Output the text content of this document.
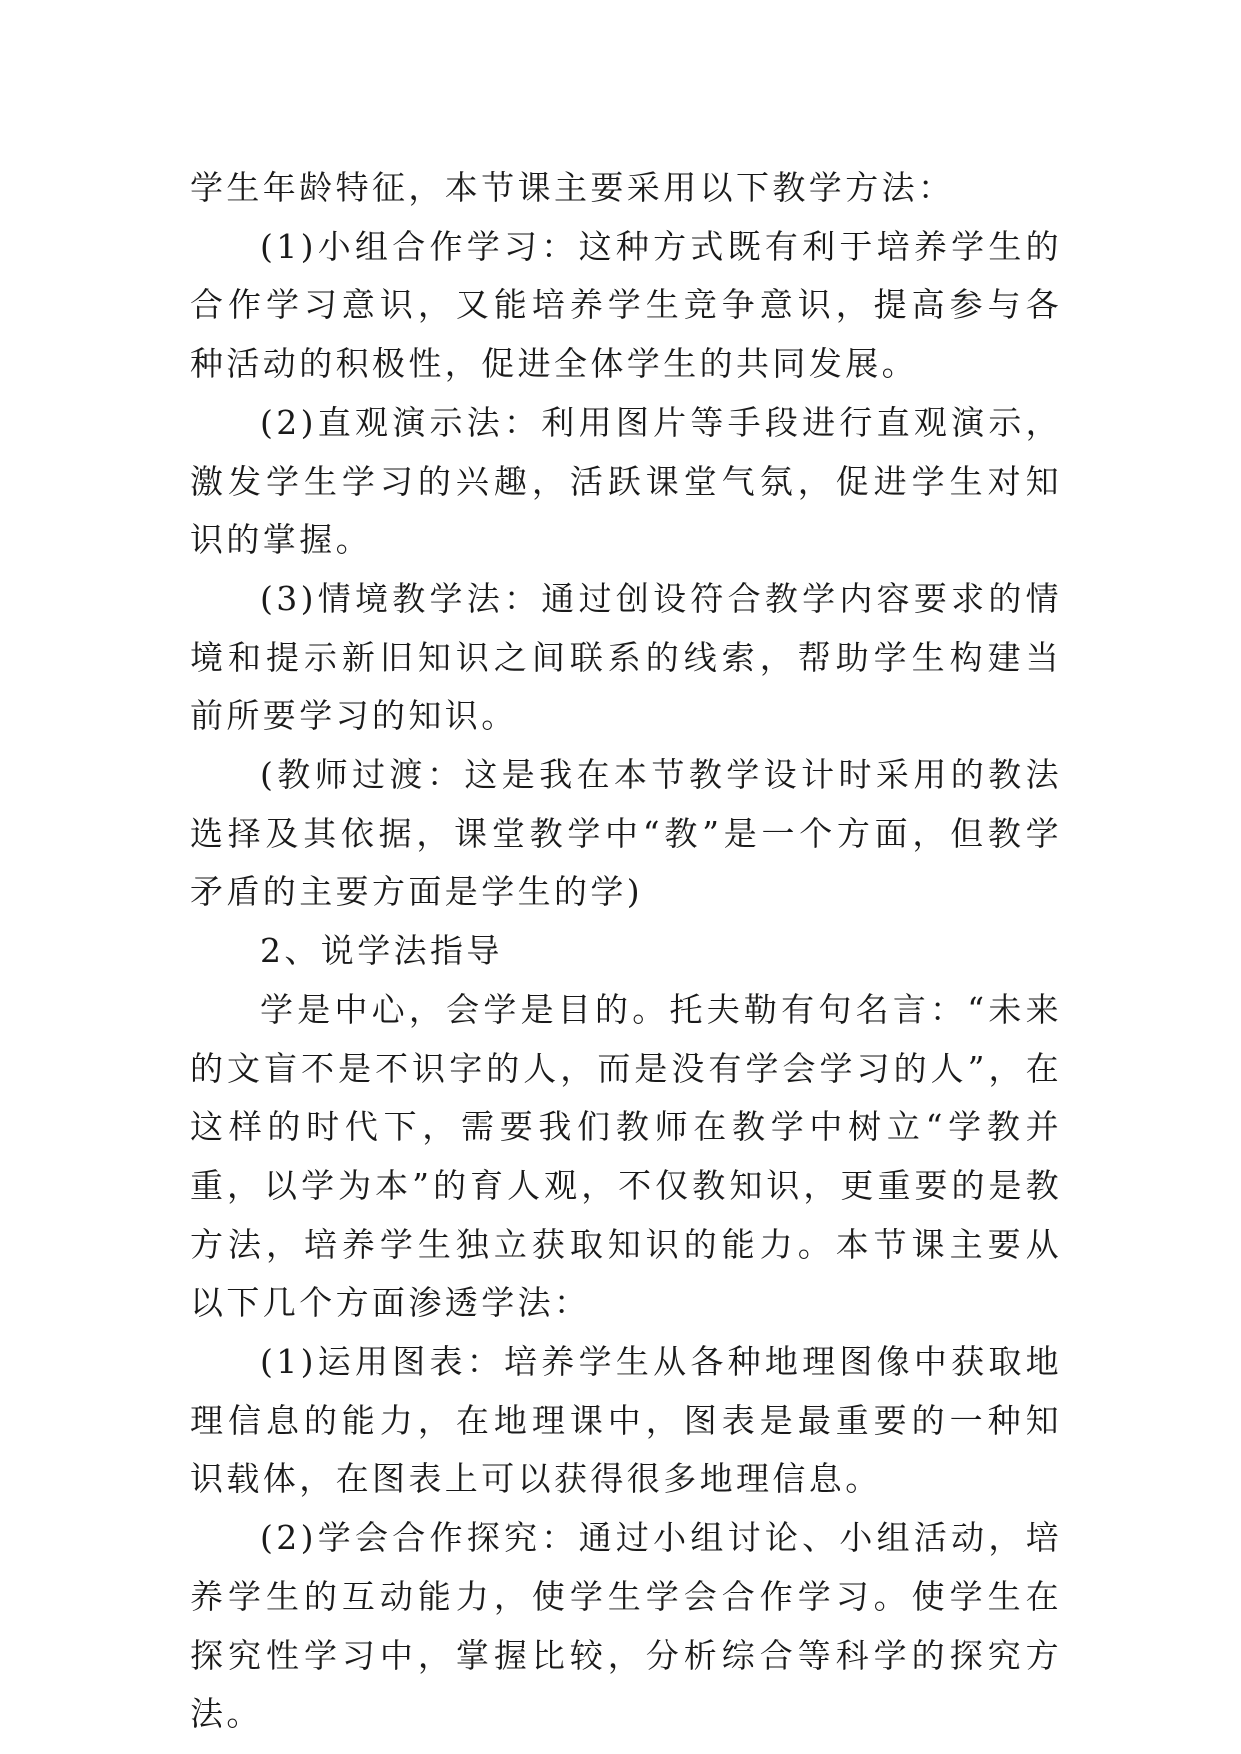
学生年龄特征，本节课主要采用以下教学方法：

(1)小组合作学习：这种方式既有利于培养学生的合作学习意识，又能培养学生竞争意识，提高参与各种活动的积极性，促进全体学生的共同发展。

(2)直观演示法：利用图片等手段进行直观演示，激发学生学习的兴趣，活跃课堂气氛，促进学生对知识的掌握。

(3)情境教学法：通过创设符合教学内容要求的情境和提示新旧知识之间联系的线索，帮助学生构建当前所要学习的知识。

(教师过渡：这是我在本节教学设计时采用的教法选择及其依据，课堂教学中“教”是一个方面，但教学矛盾的主要方面是学生的学)

2、说学法指导

学是中心，会学是目的。托夫勒有句名言：“未来的文盲不是不识字的人，而是没有学会学习的人”，在这样的时代下，需要我们教师在教学中树立“学教并重，以学为本”的育人观，不仅教知识，更重要的是教方法，培养学生独立获取知识的能力。本节课主要从以下几个方面渗透学法：

(1)运用图表：培养学生从各种地理图像中获取地理信息的能力，在地理课中，图表是最重要的一种知识载体，在图表上可以获得很多地理信息。

(2)学会合作探究：通过小组讨论、小组活动，培养学生的互动能力，使学生学会合作学习。使学生在探究性学习中，掌握比较，分析综合等科学的探究方法。
